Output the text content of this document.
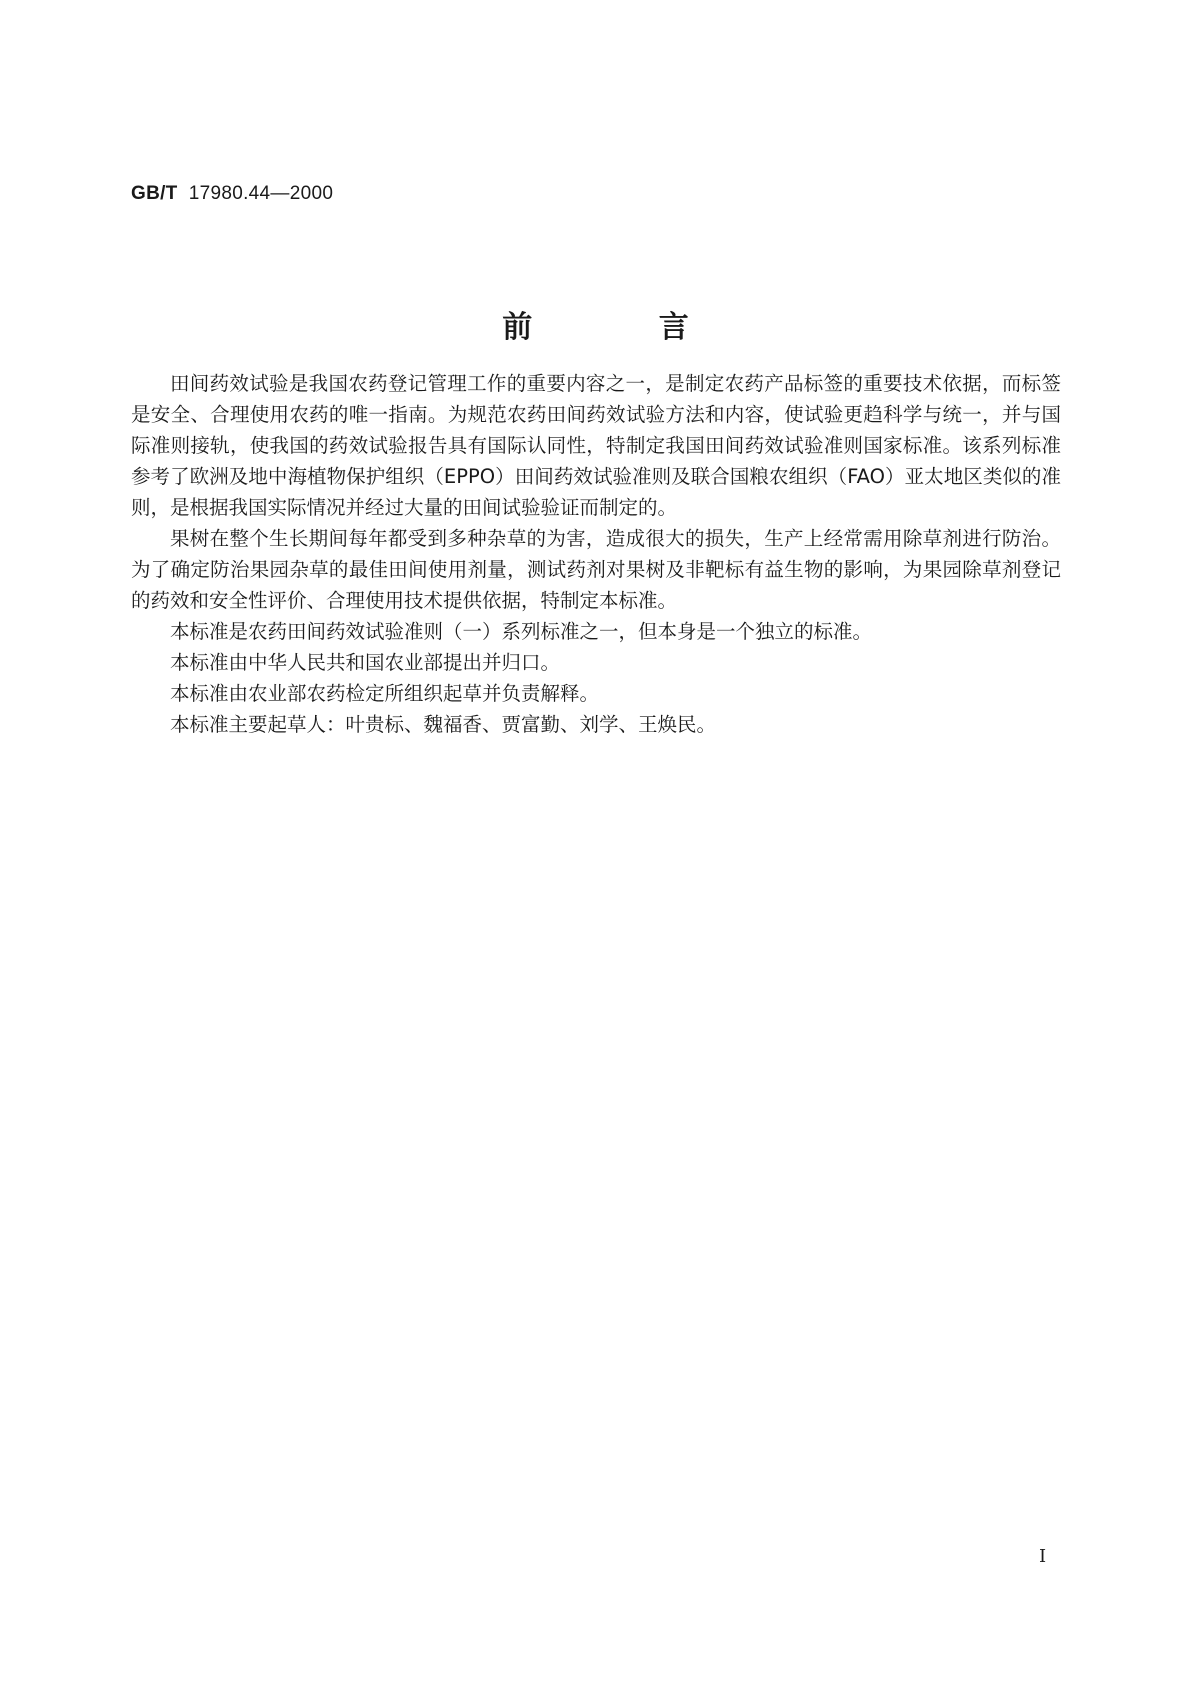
GB/T 17980.44—2000
前 言

田间药效试验是我国农药登记管理工作的重要内容之一，是制定农药产品标签的重要技术依据，而标签是安全、合理使用农药的唯一指南。为规范农药田间药效试验方法和内容，使试验更趋科学与统一，并与国际准则接轨，使我国的药效试验报告具有国际认同性，特制定我国田间药效试验准则国家标准。该系列标准参考了欧洲及地中海植物保护组织（EPPO）田间药效试验准则及联合国粮农组织（FAO）亚太地区类似的准则，是根据我国实际情况并经过大量的田间试验验证而制定的。

果树在整个生长期间每年都受到多种杂草的为害，造成很大的损失，生产上经常需用除草剂进行防治。为了确定防治果园杂草的最佳田间使用剂量，测试药剂对果树及非靶标有益生物的影响，为果园除草剂登记的药效和安全性评价、合理使用技术提供依据，特制定本标准。

本标准是农药田间药效试验准则（一）系列标准之一，但本身是一个独立的标准。

本标准由中华人民共和国农业部提出并归口。

本标准由农业部农药检定所组织起草并负责解释。

本标准主要起草人：叶贵标、魏福香、贾富勤、刘学、王焕民。

I
